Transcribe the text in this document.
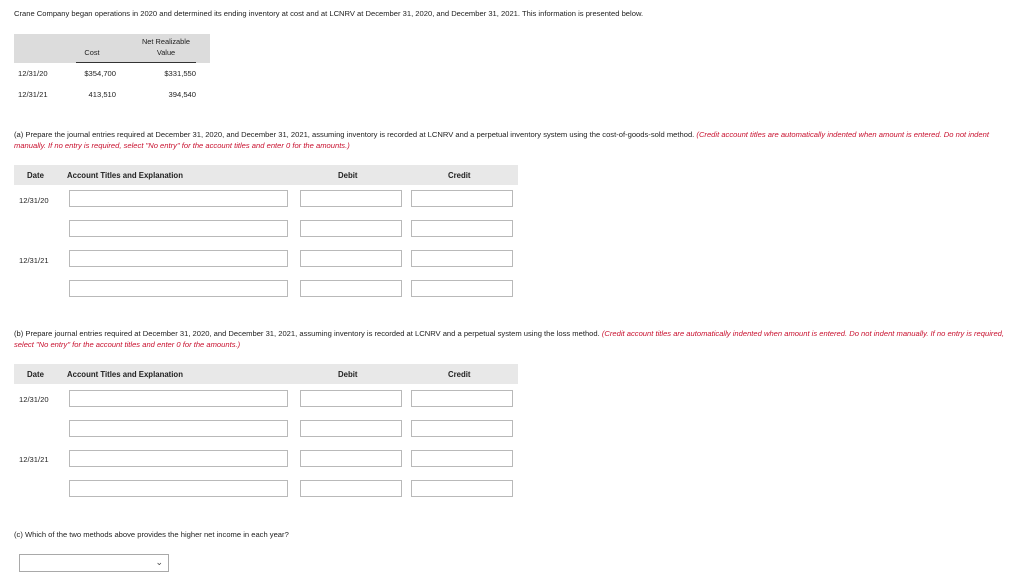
Crane Company began operations in 2020 and determined its ending inventory at cost and at LCNRV at December 31, 2020, and December 31, 2021. This information is presented below.
Cost
Net Realizable
Value
12/31/20	$354,700	$331,550
12/31/21	413,510	394,540
(a) Prepare the journal entries required at December 31, 2020, and December 31, 2021, assuming inventory is recorded at LCNRV and a perpetual inventory system using the cost-of-goods-sold method. (Credit account titles are automatically indented when amount is entered. Do not indent manually. If no entry is required, select "No entry" for the account titles and enter 0 for the amounts.)
Date	Account Titles and Explanation	Debit	Credit
12/31/20
12/31/21
(b) Prepare journal entries required at December 31, 2020, and December 31, 2021, assuming inventory is recorded at LCNRV and a perpetual system using the loss method. (Credit account titles are automatically indented when amount is entered. Do not indent manually. If no entry is required, select "No entry" for the account titles and enter 0 for the amounts.)
Date	Account Titles and Explanation	Debit	Credit
12/31/20
12/31/21
(c) Which of the two methods above provides the higher net income in each year?
⌄
